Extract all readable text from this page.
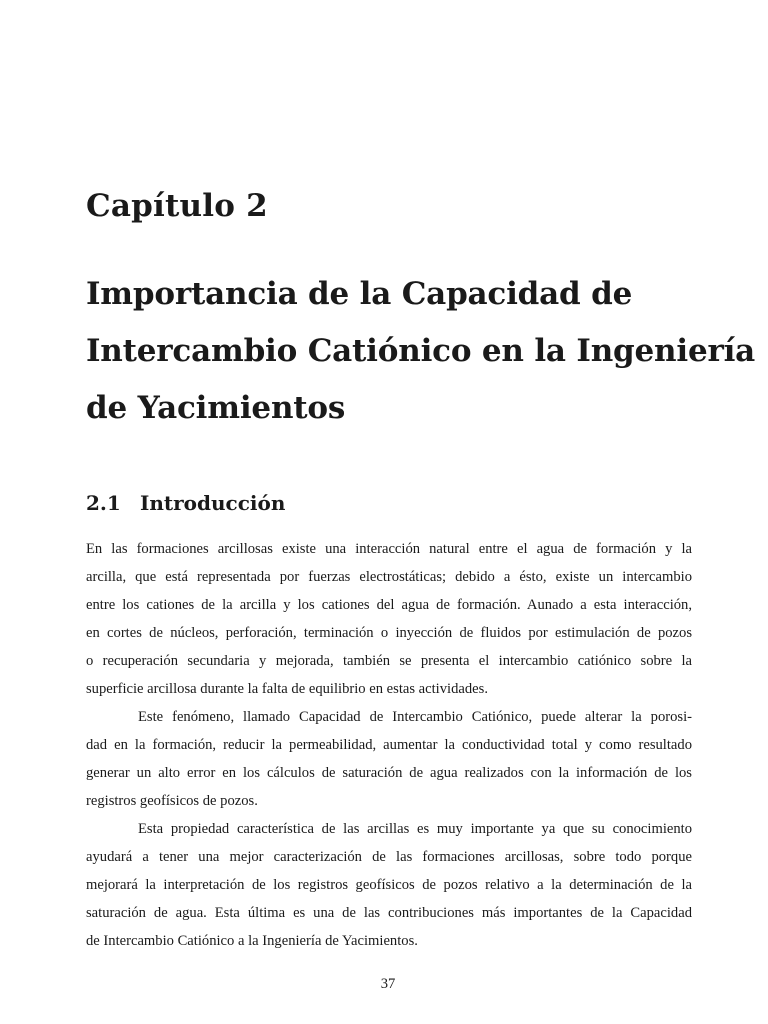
Capítulo 2
Importancia de la Capacidad de
Intercambio Catiónico en la Ingeniería
de Yacimientos
2.1 Introducción
En las formaciones arcillosas existe una interacción natural entre el agua de formación y la
arcilla, que está representada por fuerzas electrostáticas; debido a ésto, existe un intercambio
entre los cationes de la arcilla y los cationes del agua de formación. Aunado a esta interacción,
en cortes de núcleos, perforación, terminación o inyección de fluidos por estimulación de pozos
o recuperación secundaria y mejorada, también se presenta el intercambio catiónico sobre la
superficie arcillosa durante la falta de equilibrio en estas actividades.
Este fenómeno, llamado Capacidad de Intercambio Catiónico, puede alterar la porosi-
dad en la formación, reducir la permeabilidad, aumentar la conductividad total y como resultado
generar un alto error en los cálculos de saturación de agua realizados con la información de los
registros geofísicos de pozos.
Esta propiedad característica de las arcillas es muy importante ya que su conocimiento
ayudará a tener una mejor caracterización de las formaciones arcillosas, sobre todo porque
mejorará la interpretación de los registros geofísicos de pozos relativo a la determinación de la
saturación de agua. Esta última es una de las contribuciones más importantes de la Capacidad
de Intercambio Catiónico a la Ingeniería de Yacimientos.
37
